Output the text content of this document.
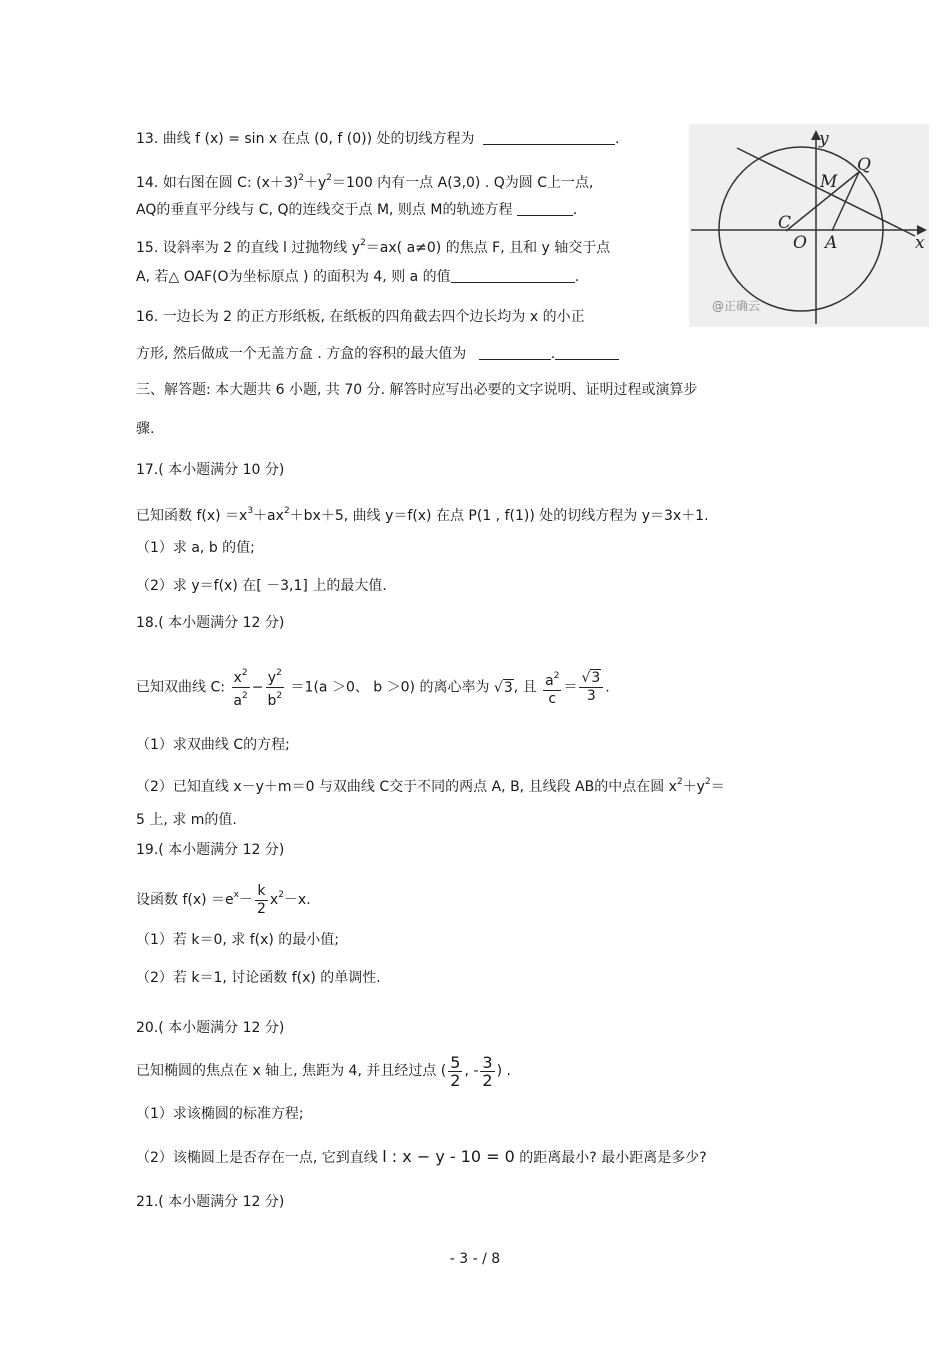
13. 曲线 f (x) = sin x 在点 (0, f (0)) 处的切线方程为	.
14. 如右图在圆 C: $(x+3)^2+y^2=100$ 内有一点 A(3,0) . Q为圆 C上一点,
AQ的垂直平分线与 C, Q的连线交于点 M, 则点 M的轨迹方程	.
15. 设斜率为 2 的直线 l 过抛物线 $y^2=ax$( a≠0) 的焦点 F, 且和 y 轴交于点
A, 若△ OAF(O为坐标原点 ) 的面积为 4, 则 a 的值	.
16. 一边长为 2 的正方形纸板, 在纸板的四角截去四个边长均为 x 的小正
方形, 然后做成一个无盖方盒 . 方盒的容积的最大值为	.
三、解答题: 本大题共 6 小题, 共 70 分. 解答时应写出必要的文字说明、证明过程或演算步
骤.
17.( 本小题满分 10 分)
已知函数 $f(x) =x^3+ax^2+bx+5$, 曲线 y＝f(x) 在点 P(1 , f(1)) 处的切线方程为 y＝3x＋1.
（1）求 a, b 的值;
（2）求 y＝f(x) 在[ －3,1] 上的最大值.
18.( 本小题满分 12 分)
已知双曲线 C: $\frac{x^2}{a^2} - \frac{y^2}{b^2} =1(a >0$、 b ＞0) 的离心率为 √3, 且 $\frac{a^2}{c} = \frac{√3}{3}$ .
（1）求双曲线 C的方程;
（2）已知直线 x－y＋m＝0 与双曲线 C交于不同的两点 A, B, 且线段 AB的中点在圆 $x^2+y^2=$
5 上, 求 m的值.
19.( 本小题满分 12 分)
设函数 $f(x) =e^x- \frac{k}{2} x^2-x$.
（1）若 k＝0, 求 f(x) 的最小值;
（2）若 k＝1, 讨论函数 f(x) 的单调性.
20.( 本小题满分 12 分)
已知椭圆的焦点在 x 轴上, 焦距为 4, 并且经过点 ( $\frac{5}{2}$ , - $\frac{3}{2}$ ) .
（1）求该椭圆的标准方程;
（2）该椭圆上是否存在一点, 它到直线 l : x − y - 10 = 0 的距离最小? 最小距离是多少?
21.( 本小题满分 12 分)
y
x
Q
M
C
O A
@正确云
- 3 - / 8
